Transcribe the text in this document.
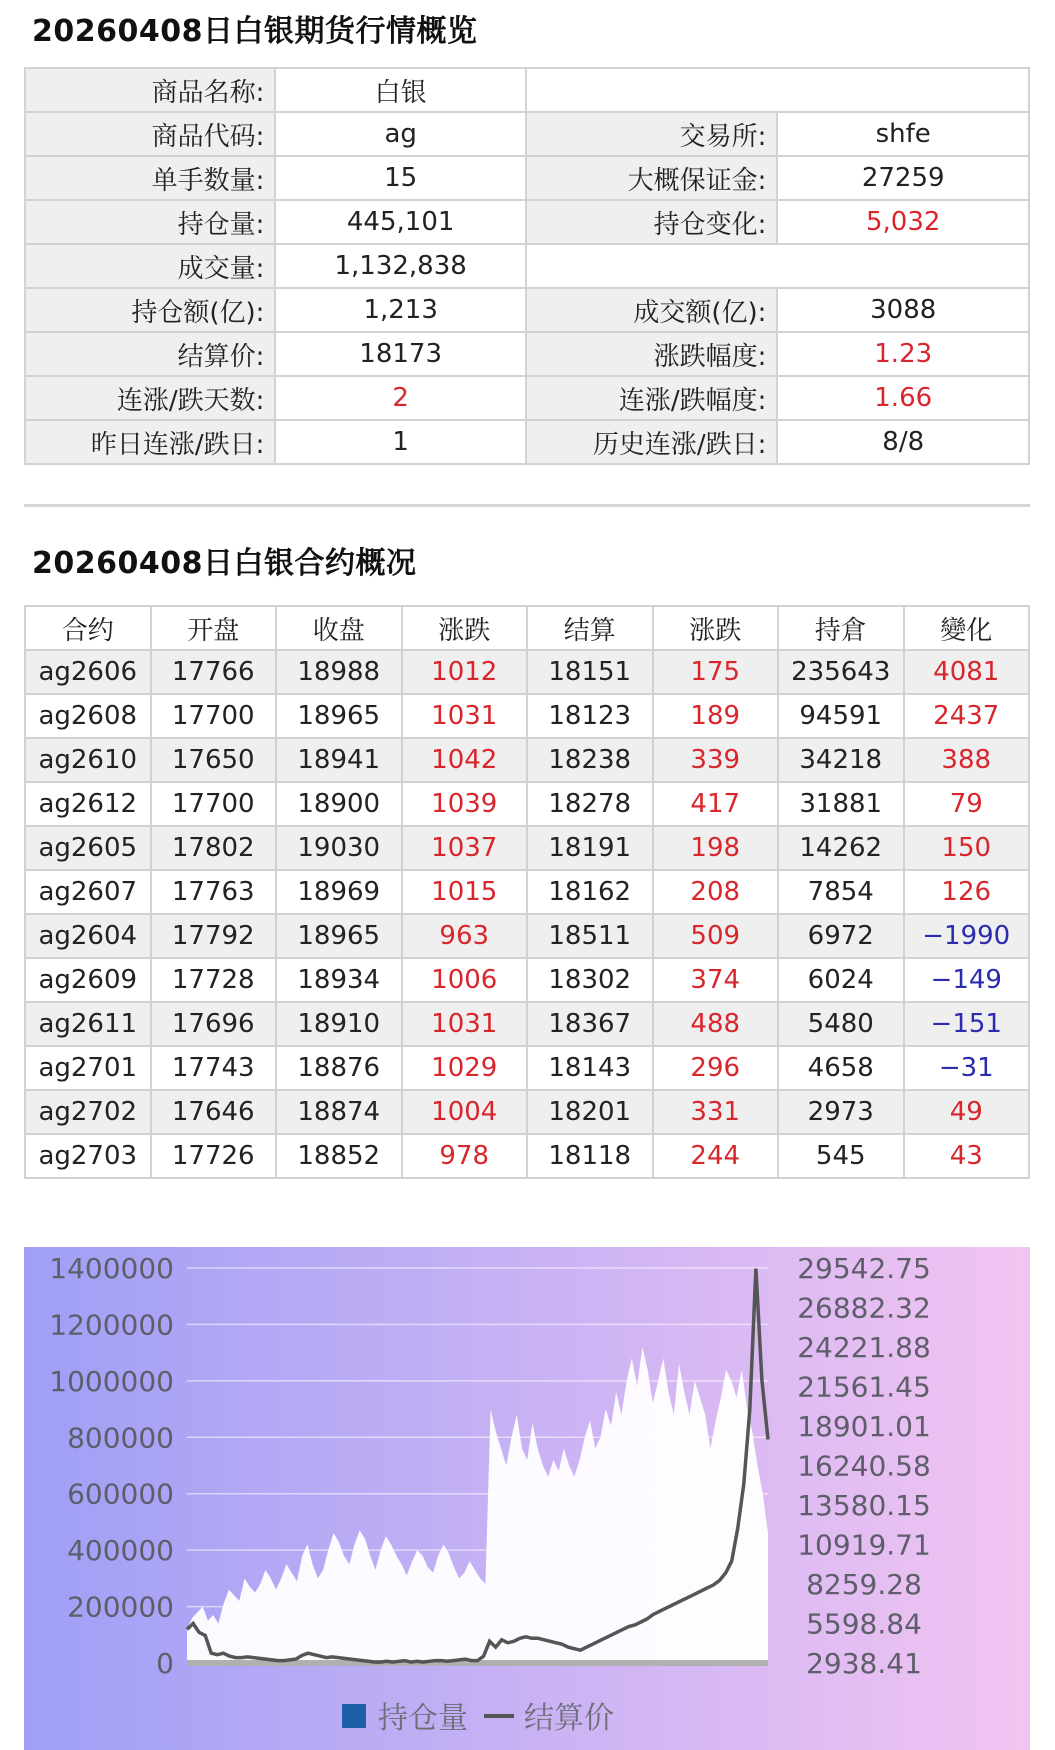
20260408日白银期货行情概览
商品名称:	白银		
商品代码:	ag	交易所:	shfe
单手数量:	15	大概保证金:	27259
持仓量:	445,101	持仓变化:	5,032
成交量:	1,132,838		
持仓额(亿):	1,213	成交额(亿):	3088
结算价:	18173	涨跌幅度:	1.23
连涨/跌天数:	2	连涨/跌幅度:	1.66
昨日连涨/跌日:	1	历史连涨/跌日:	8/8
20260408日白银合约概况
合约	开盘	收盘	涨跌	结算	涨跌	持倉	變化
ag2606	17766	18988	1012	18151	175	235643	4081
ag2608	17700	18965	1031	18123	189	94591	2437
ag2610	17650	18941	1042	18238	339	34218	388
ag2612	17700	18900	1039	18278	417	31881	79
ag2605	17802	19030	1037	18191	198	14262	150
ag2607	17763	18969	1015	18162	208	7854	126
ag2604	17792	18965	963	18511	509	6972	−1990
ag2609	17728	18934	1006	18302	374	6024	−149
ag2611	17696	18910	1031	18367	488	5480	−151
ag2701	17743	18876	1029	18143	296	4658	−31
ag2702	17646	18874	1004	18201	331	2973	49
ag2703	17726	18852	978	18118	244	545	43
1400000
1200000
1000000
800000
600000
400000
200000
0
29542.75
26882.32
24221.88
21561.45
18901.01
16240.58
13580.15
10919.71
8259.28
5598.84
2938.41
持仓量 结算价
